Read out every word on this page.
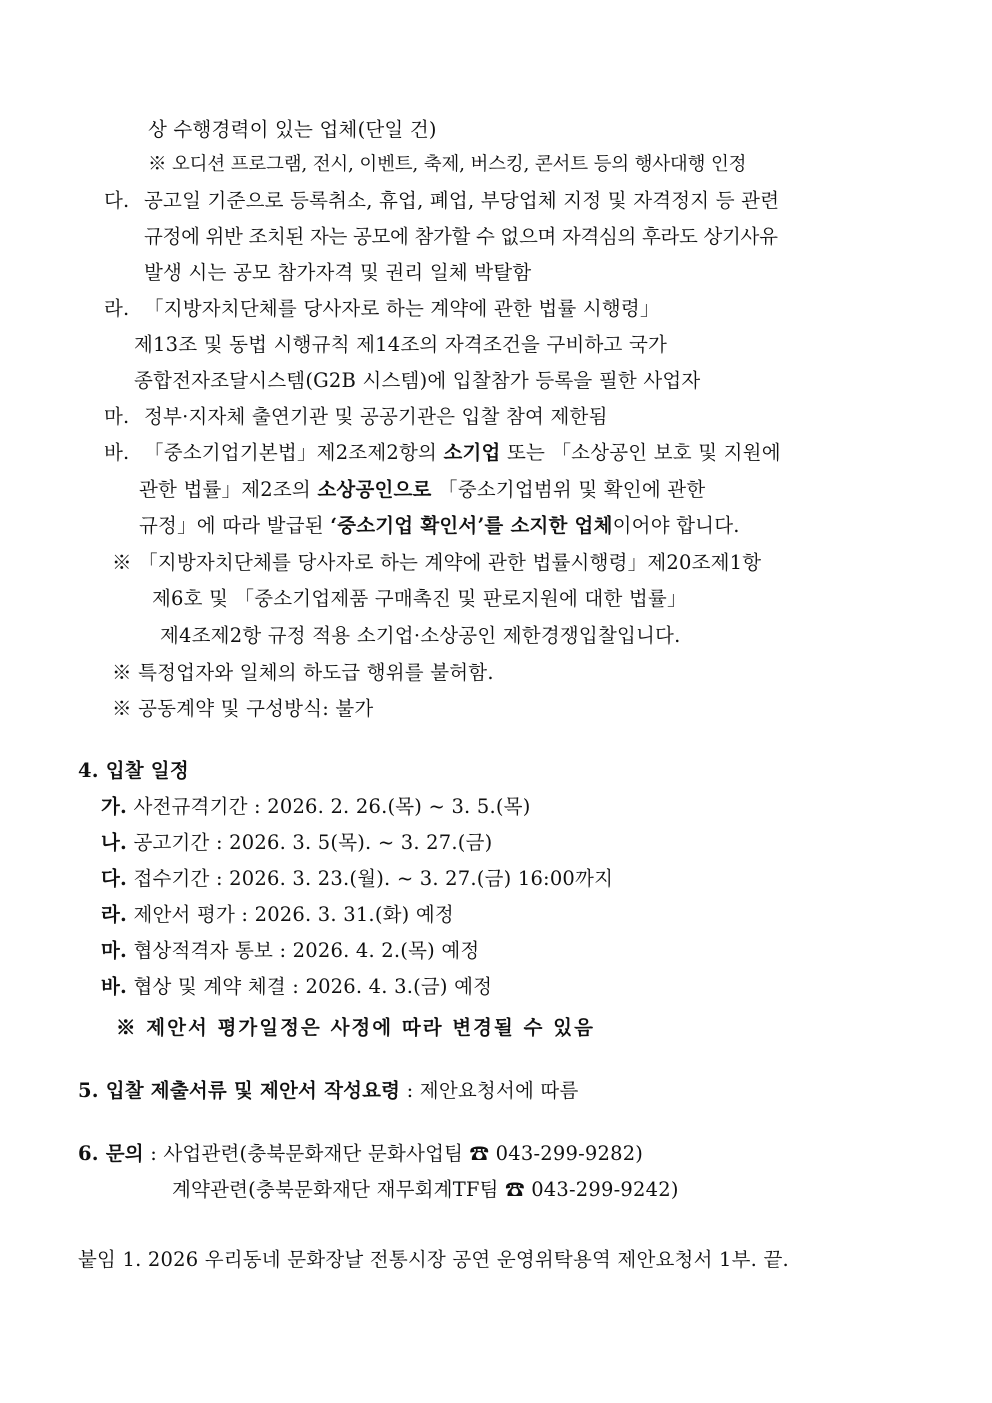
상 수행경력이 있는 업체(단일 건)
※ 오디션 프로그램, 전시, 이벤트, 축제, 버스킹, 콘서트 등의 행사대행 인정
다. 공고일 기준으로 등록취소, 휴업, 폐업, 부당업체 지정 및 자격정지 등 관련
규정에 위반 조치된 자는 공모에 참가할 수 없으며 자격심의 후라도 상기사유
발생 시는 공모 참가자격 및 권리 일체 박탈함
라. 「지방자치단체를 당사자로 하는 계약에 관한 법률 시행령」
제13조 및 동법 시행규칙 제14조의 자격조건을 구비하고 국가
종합전자조달시스템(G2B 시스템)에 입찰참가 등록을 필한 사업자
마. 정부·지자체 출연기관 및 공공기관은 입찰 참여 제한됨
바. 「중소기업기본법」제2조제2항의 소기업 또는 「소상공인 보호 및 지원에
관한 법률」제2조의 소상공인으로 「중소기업범위 및 확인에 관한
규정」에 따라 발급된 ‘중소기업 확인서’를 소지한 업체이어야 합니다.
※ 「지방자치단체를 당사자로 하는 계약에 관한 법률시행령」제20조제1항
제6호 및 「중소기업제품 구매촉진 및 판로지원에 대한 법률」
제4조제2항 규정 적용 소기업·소상공인 제한경쟁입찰입니다.
※ 특정업자와 일체의 하도급 행위를 불허함.
※ 공동계약 및 구성방식: 불가
4. 입찰 일정
가. 사전규격기간 : 2026. 2. 26.(목) ~ 3. 5.(목)
나. 공고기간 : 2026. 3. 5(목). ~ 3. 27.(금)
다. 접수기간 : 2026. 3. 23.(월). ~ 3. 27.(금) 16:00까지
라. 제안서 평가 : 2026. 3. 31.(화) 예정
마. 협상적격자 통보 : 2026. 4. 2.(목) 예정
바. 협상 및 계약 체결 : 2026. 4. 3.(금) 예정
※ 제안서 평가일정은 사정에 따라 변경될 수 있음
5. 입찰 제출서류 및 제안서 작성요령 : 제안요청서에 따름
6. 문의 : 사업관련(충북문화재단 문화사업팀 ☎ 043-299-9282)
계약관련(충북문화재단 재무회계TF팀 ☎ 043-299-9242)
붙임 1. 2026 우리동네 문화장날 전통시장 공연 운영위탁용역 제안요청서 1부. 끝.
